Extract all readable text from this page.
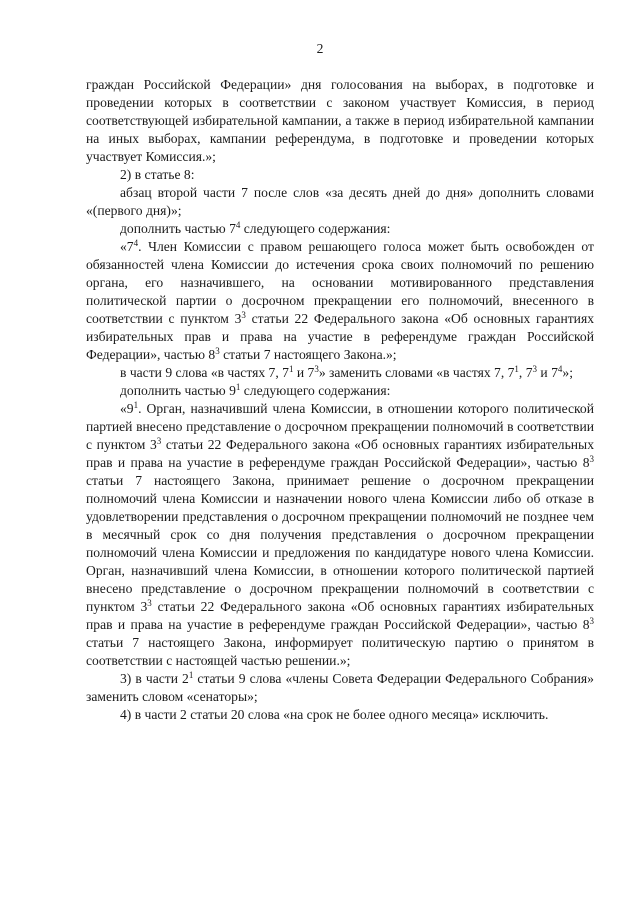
2

граждан Российской Федерации» дня голосования на выборах, в подготовке и проведении которых в соответствии с законом участвует Комиссия, в период соответствующей избирательной кампании, а также в период избирательной кампании на иных выборах, кампании референдума, в подготовке и проведении которых участвует Комиссия.»;

2) в статье 8:

абзац второй части 7 после слов «за десять дней до дня» дополнить словами «(первого дня)»;

дополнить частью $7^4$ следующего содержания:

«$7^4$. Член Комиссии с правом решающего голоса может быть освобожден от обязанностей члена Комиссии до истечения срока своих полномочий по решению органа, его назначившего, на основании мотивированного представления политической партии о досрочном прекращении его полномочий, внесенного в соответствии с пунктом $3^3$ статьи 22 Федерального закона «Об основных гарантиях избирательных прав и права на участие в референдуме граждан Российской Федерации», частью $8^3$ статьи 7 настоящего Закона.»;

в части 9 слова «в частях 7, $7^1$ и $7^3$» заменить словами «в частях 7, $7^1$, $7^3$ и $7^4$»;

дополнить частью $9^1$ следующего содержания:

«$9^1$. Орган, назначивший члена Комиссии, в отношении которого политической партией внесено представление о досрочном прекращении полномочий в соответствии с пунктом $3^3$ статьи 22 Федерального закона «Об основных гарантиях избирательных прав и права на участие в референдуме граждан Российской Федерации», частью $8^3$ статьи 7 настоящего Закона, принимает решение о досрочном прекращении полномочий члена Комиссии и назначении нового члена Комиссии либо об отказе в удовлетворении представления о досрочном прекращении полномочий не позднее чем в месячный срок со дня получения представления о досрочном прекращении полномочий члена Комиссии и предложения по кандидатуре нового члена Комиссии. Орган, назначивший члена Комиссии, в отношении которого политической партией внесено представление о досрочном прекращении полномочий в соответствии с пунктом $3^3$ статьи 22 Федерального закона «Об основных гарантиях избирательных прав и права на участие в референдуме граждан Российской Федерации», частью $8^3$ статьи 7 настоящего Закона, информирует политическую партию о принятом в соответствии с настоящей частью решении.»;

3) в части $2^1$ статьи 9 слова «члены Совета Федерации Федерального Собрания» заменить словом «сенаторы»;

4) в части 2 статьи 20 слова «на срок не более одного месяца» исключить.
